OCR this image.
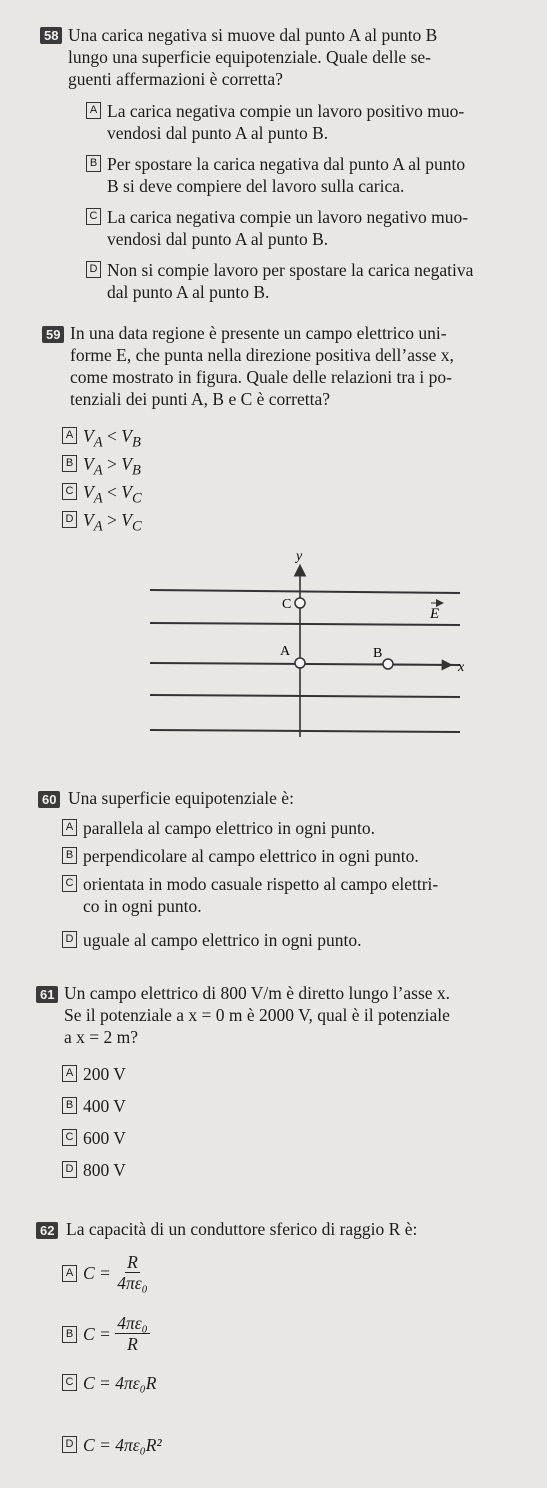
58 Una carica negativa si muove dal punto A al punto B
lungo una superficie equipotenziale. Quale delle se-
guenti affermazioni è corretta?
A La carica negativa compie un lavoro positivo muo-
vendosi dal punto A al punto B.
B Per spostare la carica negativa dal punto A al punto
B si deve compiere del lavoro sulla carica.
C La carica negativa compie un lavoro negativo muo-
vendosi dal punto A al punto B.
D Non si compie lavoro per spostare la carica negativa
dal punto A al punto B.
59 In una data regione è presente un campo elettrico uni-
forme E, che punta nella direzione positiva dell’asse x,
come mostrato in figura. Quale delle relazioni tra i po-
tenziali dei punti A, B e C è corretta?
A $V_A < V_B$
B $V_A > V_B$
C $V_A < V_C$
D $V_A > V_C$
y
x
E
C
A	B
60 Una superficie equipotenziale è:
A parallela al campo elettrico in ogni punto.
B perpendicolare al campo elettrico in ogni punto.
C orientata in modo casuale rispetto al campo elettri-
co in ogni punto.
D uguale al campo elettrico in ogni punto.
61 Un campo elettrico di 800 V/m è diretto lungo l’asse x.
Se il potenziale a x = 0 m è 2000 V, qual è il potenziale
a x = 2 m?
A 200 V
B 400 V
C 600 V
D 800 V
62 La capacità di un conduttore sferico di raggio R è:
A C =
$\frac{R}{\text{4πε₀}}$
B C =
$\frac{\text{4πε₀}}{R}$
C C = 4πε₀R
D C = 4πε₀R²
